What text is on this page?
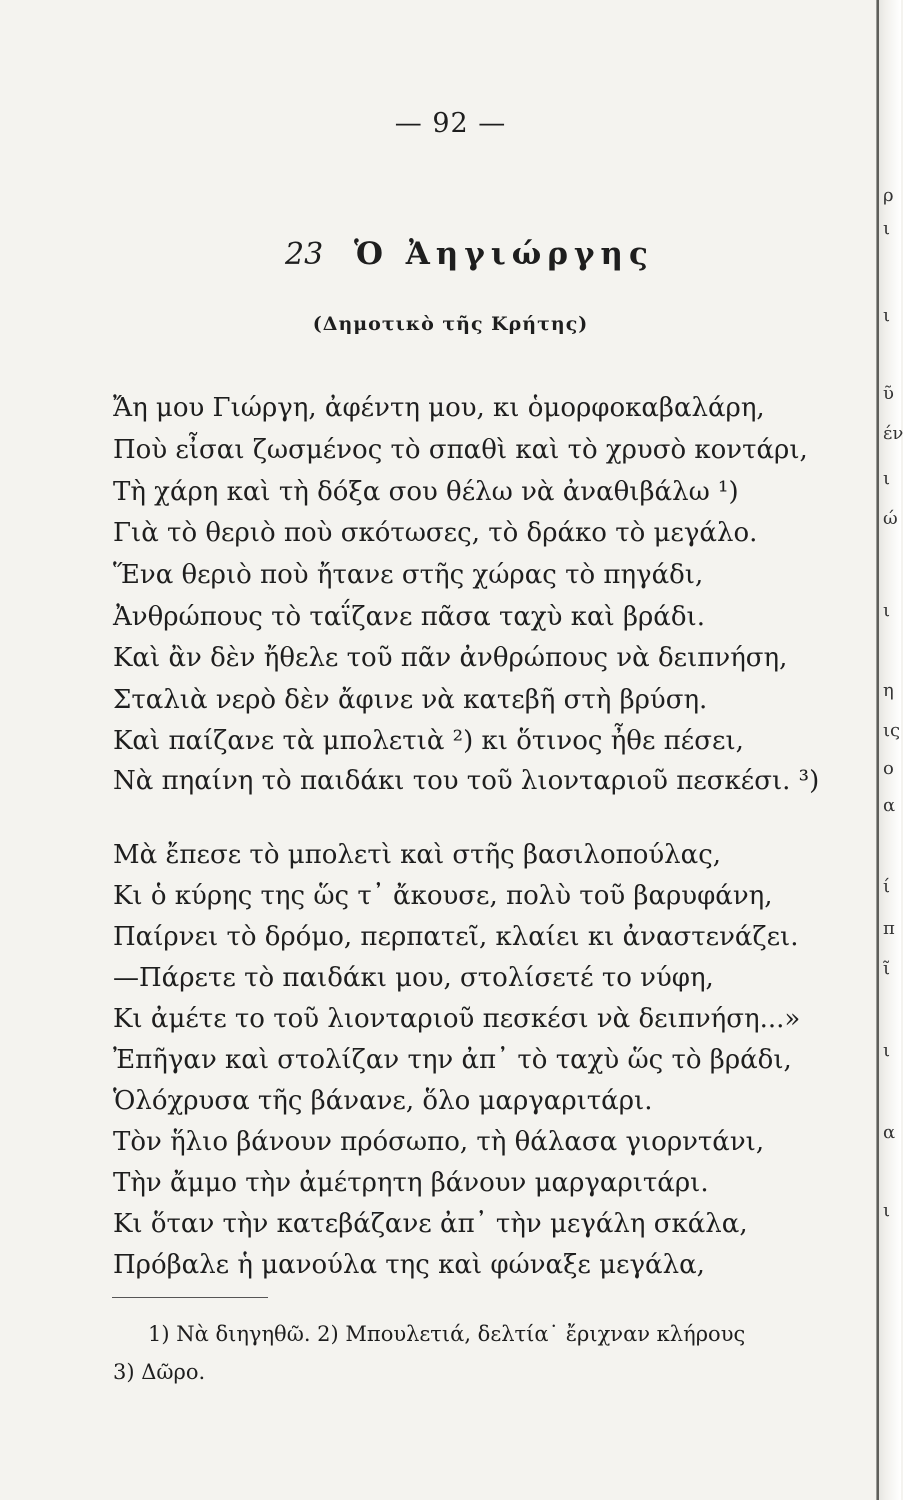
— 92 —
23 Ὁ Ἀηγιώργης
(Δημοτικὸ τῆς Κρήτης)
Ἄη μου Γιώργη, ἀφέντη μου, κι ὁμορφοκαβαλάρη,
Ποὺ εἶσαι ζωσμένος τὸ σπαθὶ καὶ τὸ χρυσὸ κοντάρι,
Τὴ χάρη καὶ τὴ δόξα σου θέλω νὰ ἀναθιβάλω ¹)
Γιὰ τὸ θεριὸ ποὺ σκότωσες, τὸ δράκο τὸ μεγάλο.
Ἕνα θεριὸ ποὺ ἤτανε στῆς χώρας τὸ πηγάδι,
Ἀνθρώπους τὸ ταΐζανε πᾶσα ταχὺ καὶ βράδι.
Καὶ ἂν δὲν ἤθελε τοῦ πᾶν ἀνθρώπους νὰ δειπνήση,
Σταλιὰ νερὸ δὲν ἄφινε νὰ κατεβῆ στὴ βρύση.
Καὶ παίζανε τὰ μπολετιὰ ²) κι ὅτινος ἦθε πέσει,
Νὰ πηαίνη τὸ παιδάκι του τοῦ λιονταριοῦ πεσκέσι. ³)
Μὰ ἔπεσε τὸ μπολετὶ καὶ στῆς βασιλοπούλας,
Κι ὁ κύρης της ὥς τ᾽ ἄκουσε, πολὺ τοῦ βαρυφάνη,
Παίρνει τὸ δρόμο, περπατεῖ, κλαίει κι ἀναστενάζει.
—Πάρετε τὸ παιδάκι μου, στολίσετέ το νύφη,
Κι ἀμέτε το τοῦ λιονταριοῦ πεσκέσι νὰ δειπνήση...»
Ἐπῆγαν καὶ στολίζαν την ἀπ᾽ τὸ ταχὺ ὥς τὸ βράδι,
Ὁλόχρυσα τῆς βάνανε, ὅλο μαργαριτάρι.
Τὸν ἥλιο βάνουν πρόσωπο, τὴ θάλασα γιορντάνι,
Τὴν ἄμμο τὴν ἀμέτρητη βάνουν μαργαριτάρι.
Κι ὅταν τὴν κατεβάζανε ἀπ᾽ τὴν μεγάλη σκάλα,
Πρόβαλε ἡ μανούλα της καὶ φώναξε μεγάλα,
1) Νὰ διηγηθῶ. 2) Μπουλετιά, δελτία˙ ἔριχναν κλήρους
3) Δῶρο.
ρ
ι
ι
ῦ
έν
ι
ώ
ι
η
ις
ο
α
ί
π
ῖ
ι
α
ι
